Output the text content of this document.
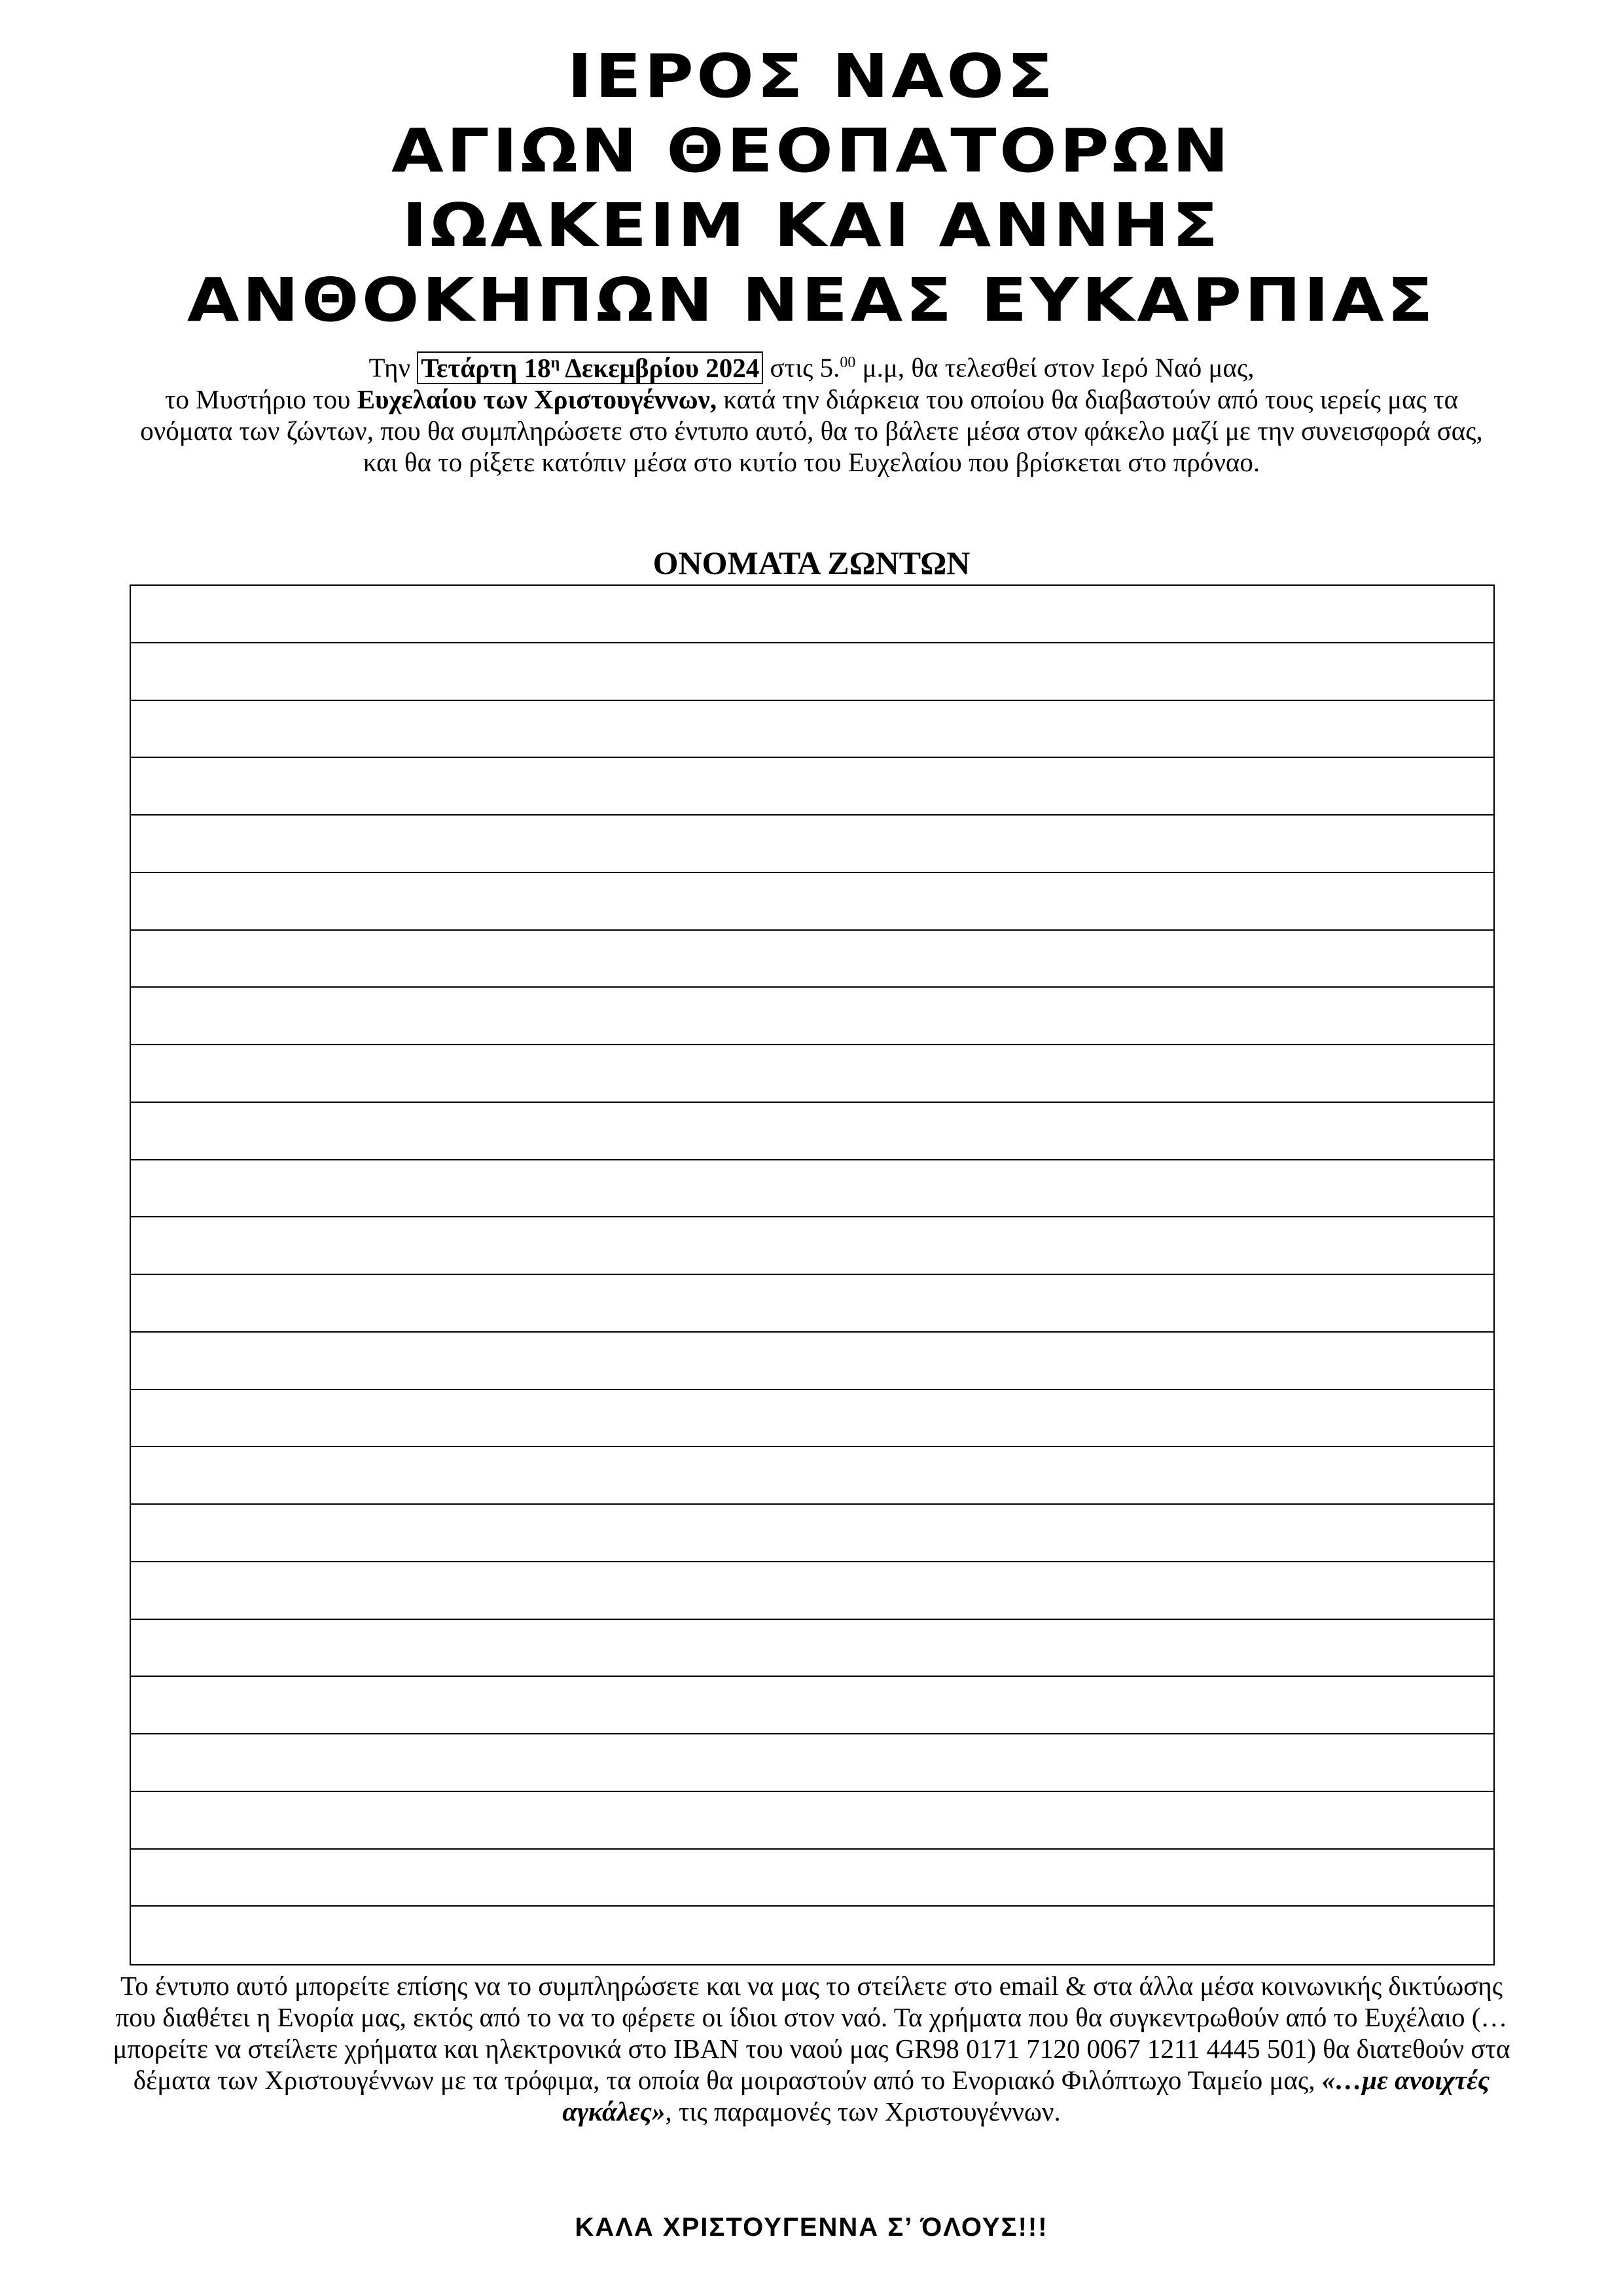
ΙΕΡΟΣ ΝΑΟΣ
ΑΓΙΩΝ ΘΕΟΠΑΤΟΡΩΝ
ΙΩΑΚΕΙΜ ΚΑΙ ΑΝΝΗΣ
ΑΝΘΟΚΗΠΩΝ ΝΕΑΣ ΕΥΚΑΡΠΙΑΣ
Την Τετάρτη $18^\eta$ Δεκεμβρίου 2024 στις 5.00 μ.μ, θα τελεσθεί στον Ιερό Ναό μας,
το Μυστήριο του Ευχελαίου των Χριστουγέννων, κατά την διάρκεια του οποίου θα διαβαστούν από τους ιερείς μας τα ονόματα των ζώντων, που θα συμπληρώσετε στο έντυπο αυτό, θα το βάλετε μέσα στον φάκελο μαζί με την συνεισφορά σας, και θα το ρίξετε κατόπιν μέσα στο κυτίο του Ευχελαίου που βρίσκεται στο πρόναο.
ΟΝΟΜΑΤΑ ΖΩΝΤΩΝ
Το έντυπο αυτό μπορείτε επίσης να το συμπληρώσετε και να μας το στείλετε στο email & στα άλλα μέσα κοινωνικής δικτύωσης που διαθέτει η Ενορία μας, εκτός από το να το φέρετε οι ίδιοι στον ναό. Τα χρήματα που θα συγκεντρωθούν από το Ευχέλαιο (…μπορείτε να στείλετε χρήματα και ηλεκτρονικά στο IBAN του ναού μας GR98 0171 7120 0067 1211 4445 501) θα διατεθούν στα δέματα των Χριστουγέννων με τα τρόφιμα, τα οποία θα μοιραστούν από το Ενοριακό Φιλόπτωχο Ταμείο μας, «…με ανοιχτές αγκάλες», τις παραμονές των Χριστουγέννων.
ΚΑΛΑ ΧΡΙΣΤΟΥΓΕΝΝΑ Σ’ ΌΛΟΥΣ!!!
